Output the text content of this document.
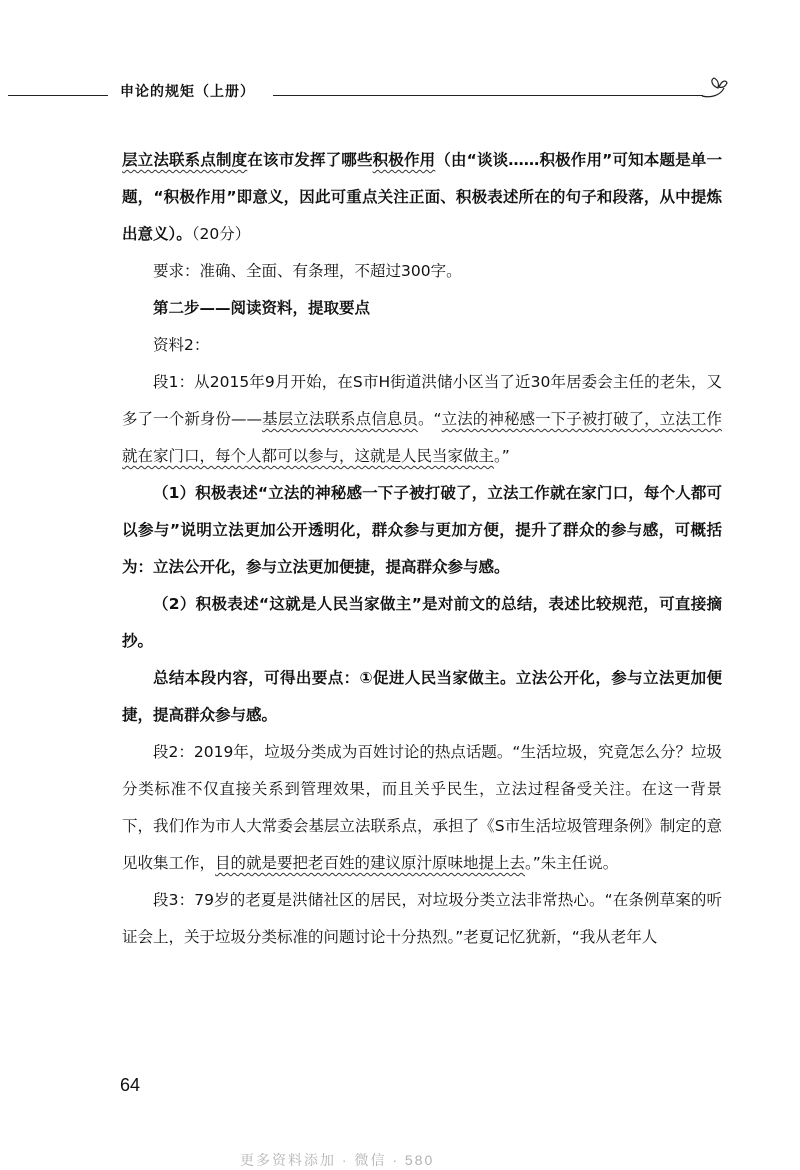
申论的规矩（上册）

层立法联系点制度在该市发挥了哪些积极作用（由“谈谈……积极作用”可知本题是单一题，“积极作用”即意义，因此可重点关注正面、积极表述所在的句子和段落，从中提炼出意义）。（20分）

要求：准确、全面、有条理，不超过300字。

第二步——阅读资料，提取要点

资料2：

段1：从2015年9月开始，在S市H街道洪储小区当了近30年居委会主任的老朱，又多了一个新身份——基层立法联系点信息员。“立法的神秘感一下子被打破了，立法工作就在家门口，每个人都可以参与，这就是人民当家做主。”

（1）积极表述“立法的神秘感一下子被打破了，立法工作就在家门口，每个人都可以参与”说明立法更加公开透明化，群众参与更加方便，提升了群众的参与感，可概括为：立法公开化，参与立法更加便捷，提高群众参与感。

（2）积极表述“这就是人民当家做主”是对前文的总结，表述比较规范，可直接摘抄。

总结本段内容，可得出要点：①促进人民当家做主。立法公开化，参与立法更加便捷，提高群众参与感。

段2：2019年，垃圾分类成为百姓讨论的热点话题。“生活垃圾，究竟怎么分？垃圾分类标准不仅直接关系到管理效果，而且关乎民生，立法过程备受关注。在这一背景下，我们作为市人大常委会基层立法联系点，承担了《S市生活垃圾管理条例》制定的意见收集工作，目的就是要把老百姓的建议原汁原味地提上去。”朱主任说。

段3：79岁的老夏是洪储社区的居民，对垃圾分类立法非常热心。“在条例草案的听证会上，关于垃圾分类标准的问题讨论十分热烈。”老夏记忆犹新，“我从老年人

64
更多资料添加 · 微信 · 580
